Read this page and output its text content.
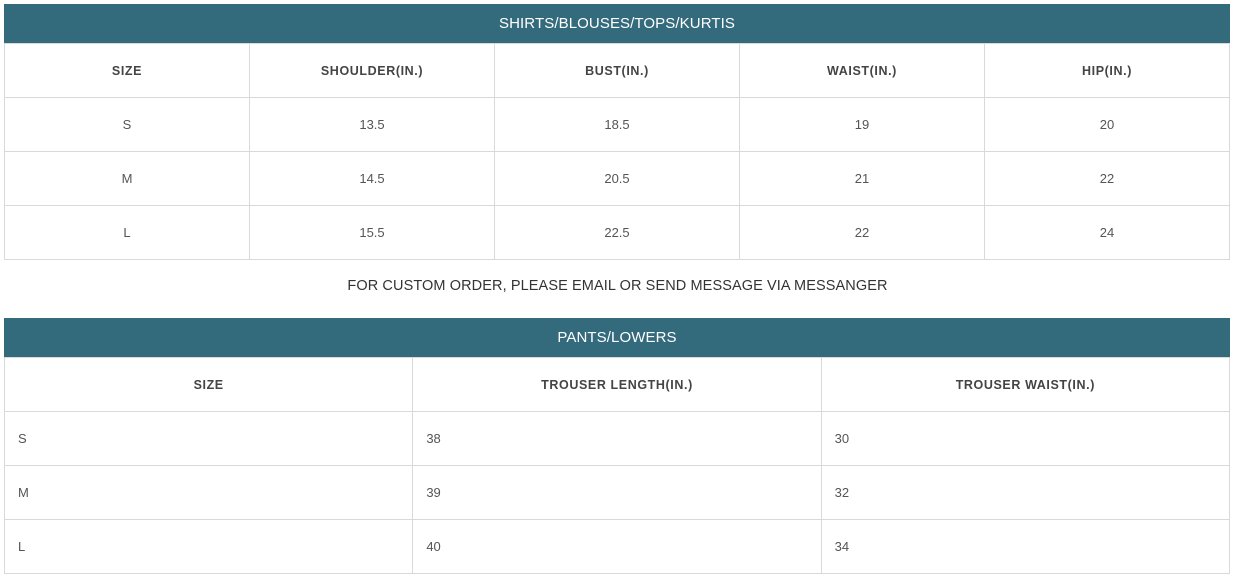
SHIRTS/BLOUSES/TOPS/KURTIS
SIZE	SHOULDER(IN.)	BUST(IN.)	WAIST(IN.)	HIP(IN.)
S	13.5	18.5	19	20
M	14.5	20.5	21	22
L	15.5	22.5	22	24
FOR CUSTOM ORDER, PLEASE EMAIL OR SEND MESSAGE VIA MESSANGER
PANTS/LOWERS
SIZE	TROUSER LENGTH(IN.)	TROUSER WAIST(IN.)
S	38	30
M	39	32
L	40	34
